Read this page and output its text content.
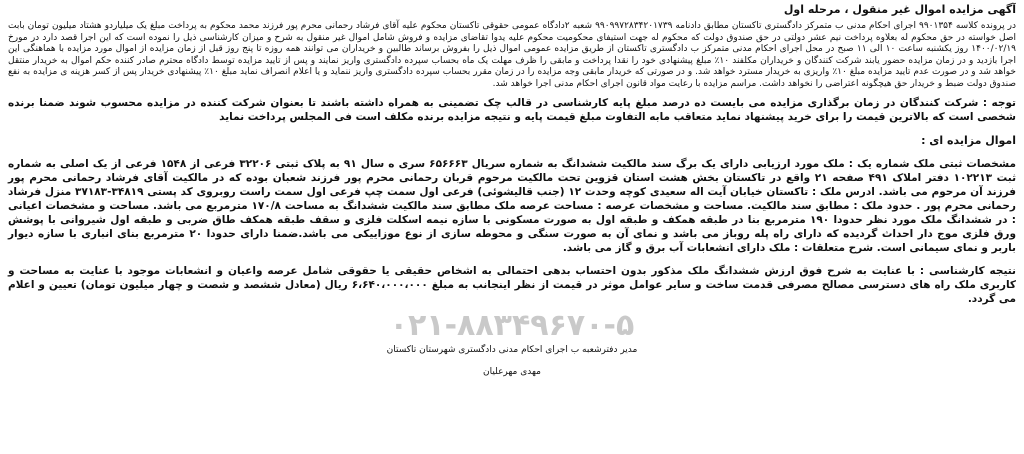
آگهی مزایده اموال غیر منقول ، مرحله اول

در پرونده کلاسه ۹۹۰۱۳۵۴ اجرای احکام مدنی ب متمرکز دادگستری تاکستان مطابق دادنامه ۹۹۰۹۹۷۲۸۳۴۲۰۱۷۳۹ شعبه ۲دادگاه عمومی حقوقی تاکستان محکوم علیه آقای فرشاد رحمانی محرم پور فرزند محمد محکوم به پرداخت مبلغ یک میلیاردو هشتاد میلیون تومان بابت اصل خواسته در حق محکوم له بعلاوه پرداخت نیم عشر دولتی در حق صندوق دولت که محکوم له جهت استیفای محکومیت محکوم علیه یدوا تقاضای مزایده و فروش شامل اموال غیر منقول به شرح و میزان کارشناسی ذیل را نموده است که این اجرا قصد دارد در مورخ ۱۴۰۰/۰۲/۱۹ روز یکشنبه ساعت ۱۰ الی ۱۱ صبح در محل اجرای احکام مدنی متمرکز ب دادگستری تاکستان از طریق مزایده عمومی اموال ذیل را بفروش برساند طالبین و خریداران می توانند همه روزه تا پنج روز قبل از زمان مزایده از اموال مورد مزایده با هماهنگی این اجرا بازدید و در زمان مزایده حضور یابند شرکت کنندگان و خریداران مکلفند ۱۰٪ مبلغ پیشنهادی خود را نقدا پرداخت و مابقی را ظرف مهلت یک ماه بحساب سپرده دادگستری واریز نمایند و پس از تایید مزایده توسط دادگاه محترم صادر کننده حکم اموال به خریدار منتقل خواهد شد و در صورت عدم تایید مزایده مبلغ ۱۰٪ واریزی به خریدار مسترد خواهد شد. و در صورتی که خریدار مابقی وجه مزایده را در زمان مقرر بحساب سپرده دادگستری واریز ننماید و یا اعلام انصراف نماید مبلغ ۱۰٪ پیشنهادی خریدار پس از کسر هزینه ی مزایده به نفع صندوق دولت ضبط و خریدار حق هیچگونه اعتراضی را نخواهد داشت. مراسم مزایده با رعایت مواد قانون اجرای احکام مدنی اجرا خواهد شد.

توجه : شرکت کنندگان در زمان برگذاری مزایده می بایست ده درصد مبلغ پایه کارشناسی در قالب چک تضمینی به همراه داشته باشند تا بعنوان شرکت کننده در مزایده محسوب شوند ضمنا برنده شخصی است که بالاترین قیمت را برای خرید پیشنهاد نماید متعاقب مابه التفاوت مبلغ قیمت پایه و نتیجه مزایده برنده مکلف است فی المجلس پرداخت نماید

اموال مزایده ای :

مشخصات ثبتی ملک شماره یک : ملک مورد ارزیابی دارای یک برگ سند مالکیت ششدانگ به شماره سریال ۶۵۶۶۶۳ سری ه سال ۹۱ به پلاک ثبتی ۳۲۲۰۶ فرعی از ۱۵۴۸ فرعی از یک اصلی به شماره ثبت ۱۰۲۲۱۳ دفتر املاک ۴۹۱ صفحه ۲۱ واقع در تاکستان بخش هشت استان قزوین تحت مالکیت مرحوم قربان رحمانی محرم پور فرزند شعبان بوده که در مالکیت آقای فرشاد رحمانی محرم پور فرزند آن مرحوم می باشد. ادرس ملک : تاکستان خیابان آیت اله سعیدی کوچه وحدت ۱۲ (جنب قالیشوئی) فرعی اول سمت چپ فرعی اول سمت راست روبروی کد پستی ۳۴۸۱۹-۳۷۱۸۳ منزل فرشاد رحمانی محرم پور . حدود ملک : مطابق سند مالکیت. مساحت و مشخصات عرصه : مساحت عرصه ملک مطابق سند مالکیت ششدانگ به مساحت ۱۷۰/۸ مترمربع می باشد. مساحت و مشخصات اعیانی : در ششدانگ ملک مورد نظر حدودا ۱۹۰ مترمربع بنا در طبقه همکف و طبقه اول به صورت مسکونی با سازه نیمه اسکلت فلزی و سقف طبقه همکف طاق ضربی و طبقه اول شیروانی با پوشش ورق فلزی موج دار احداث گردیده که دارای راه پله روباز می باشد و نمای آن به صورت سنگی و محوطه سازی از نوع موزاییکی می باشد.ضمنا دارای حدودا ۲۰ مترمربع بنای انباری با سازه دیوار باربر و نمای سیمانی است. شرح متعلقات : ملک دارای انشعابات آب برق و گاز می باشد.

نتیجه کارشناسی : با عنایت به شرح فوق ارزش ششدانگ ملک مذکور بدون احتساب بدهی احتمالی به اشخاص حقیقی یا حقوقی شامل عرصه واعیان و انشعابات موجود با عنایت به مساحت و کاربری ملک راه های دسترسی مصالح مصرفی قدمت ساخت و سایر عوامل موثر در قیمت از نظر اینجانب به مبلغ ۶،۶۴۰،۰۰۰،۰۰۰ ریال (معادل ششصد و شصت و چهار میلیون تومان) تعیین و اعلام می گردد.

۰۲۱-۸۸۳۴۹۶۷۰-۵

مدیر دفترشعبه ب اجرای احکام مدنی دادگستری شهرستان تاکستان

مهدی مهرعلیان
